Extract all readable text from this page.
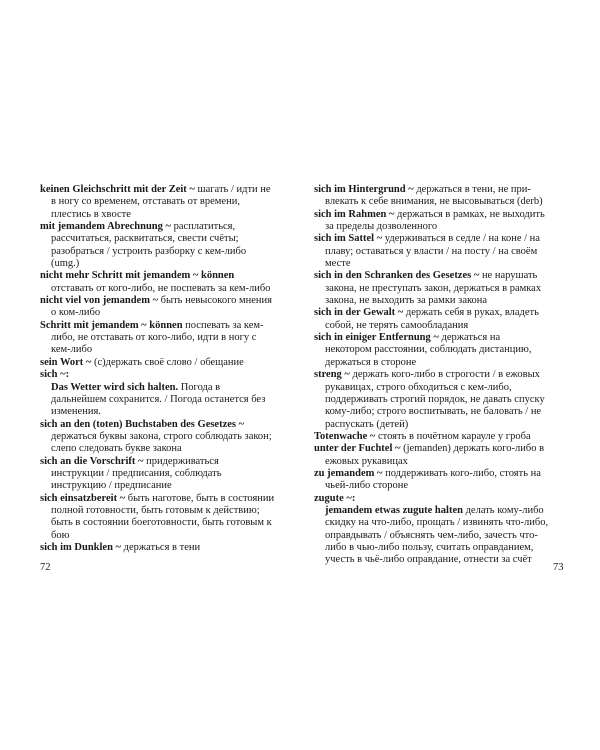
keinen Gleichschritt mit der Zeit ~ шагать / идти не
в ногу со временем, отставать от времени,
плестись в хвосте
mit jemandem Abrechnung ~ расплатиться,
рассчитаться, расквитаться, свести счёты;
разобраться / устроить разборку с кем-либо
(umg.)
nicht mehr Schritt mit jemandem ~ können
отставать от кого-либо, не поспевать за кем-либо
nicht viel von jemandem ~ быть невысокого мнения
о ком-либо
Schritt mit jemandem ~ können поспевать за кем-
либо, не отставать от кого-либо, идти в ногу с
кем-либо
sein Wort ~ (с)держать своё слово / обещание
sich ~:
Das Wetter wird sich halten. Погода в
дальнейшем сохранится. / Погода останется без
изменения.
sich an den (toten) Buchstaben des Gesetzes ~
держаться буквы закона, строго соблюдать закон;
слепо следовать букве закона
sich an die Vorschrift ~ придерживаться
инструкции / предписания, соблюдать
инструкцию / предписание
sich einsatzbereit ~ быть наготове, быть в состоянии
полной готовности, быть готовым к действию;
быть в состоянии боеготовности, быть готовым к
бою
sich im Dunklen ~ держаться в тени
72
sich im Hintergrund ~ держаться в тени, не при-
влекать к себе внимания, не высовываться (derb)
sich im Rahmen ~ держаться в рамках, не выходить
за пределы дозволенного
sich im Sattel ~ удерживаться в седле / на коне / на
плаву; оставаться у власти / на посту / на своём
месте
sich in den Schranken des Gesetzes ~ не нарушать
закона, не преступать закон, держаться в рамках
закона, не выходить за рамки закона
sich in der Gewalt ~ держать себя в руках, владеть
собой, не терять самообладания
sich in einiger Entfernung ~ держаться на
некотором расстоянии, соблюдать дистанцию,
держаться в стороне
streng ~ держать кого-либо в строгости / в ежовых
рукавицах, строго обходиться с кем-либо,
поддерживать строгий порядок, не давать спуску
кому-либо; строго воспитывать, не баловать / не
распускать (детей)
Totenwache ~ стоять в почётном карауле у гроба
unter der Fuchtel ~ (jemanden) держать кого-либо в
ежовых рукавицах
zu jemandem ~ поддерживать кого-либо, стоять на
чьей-либо стороне
zugute ~:
jemandem etwas zugute halten делать кому-либо
скидку на что-либо, прощать / извинять что-либо,
оправдывать / объяснять чем-либо, зачесть что-
либо в чью-либо пользу, считать оправданием,
учесть в чьё-либо оправдание, отнести за счёт
73
